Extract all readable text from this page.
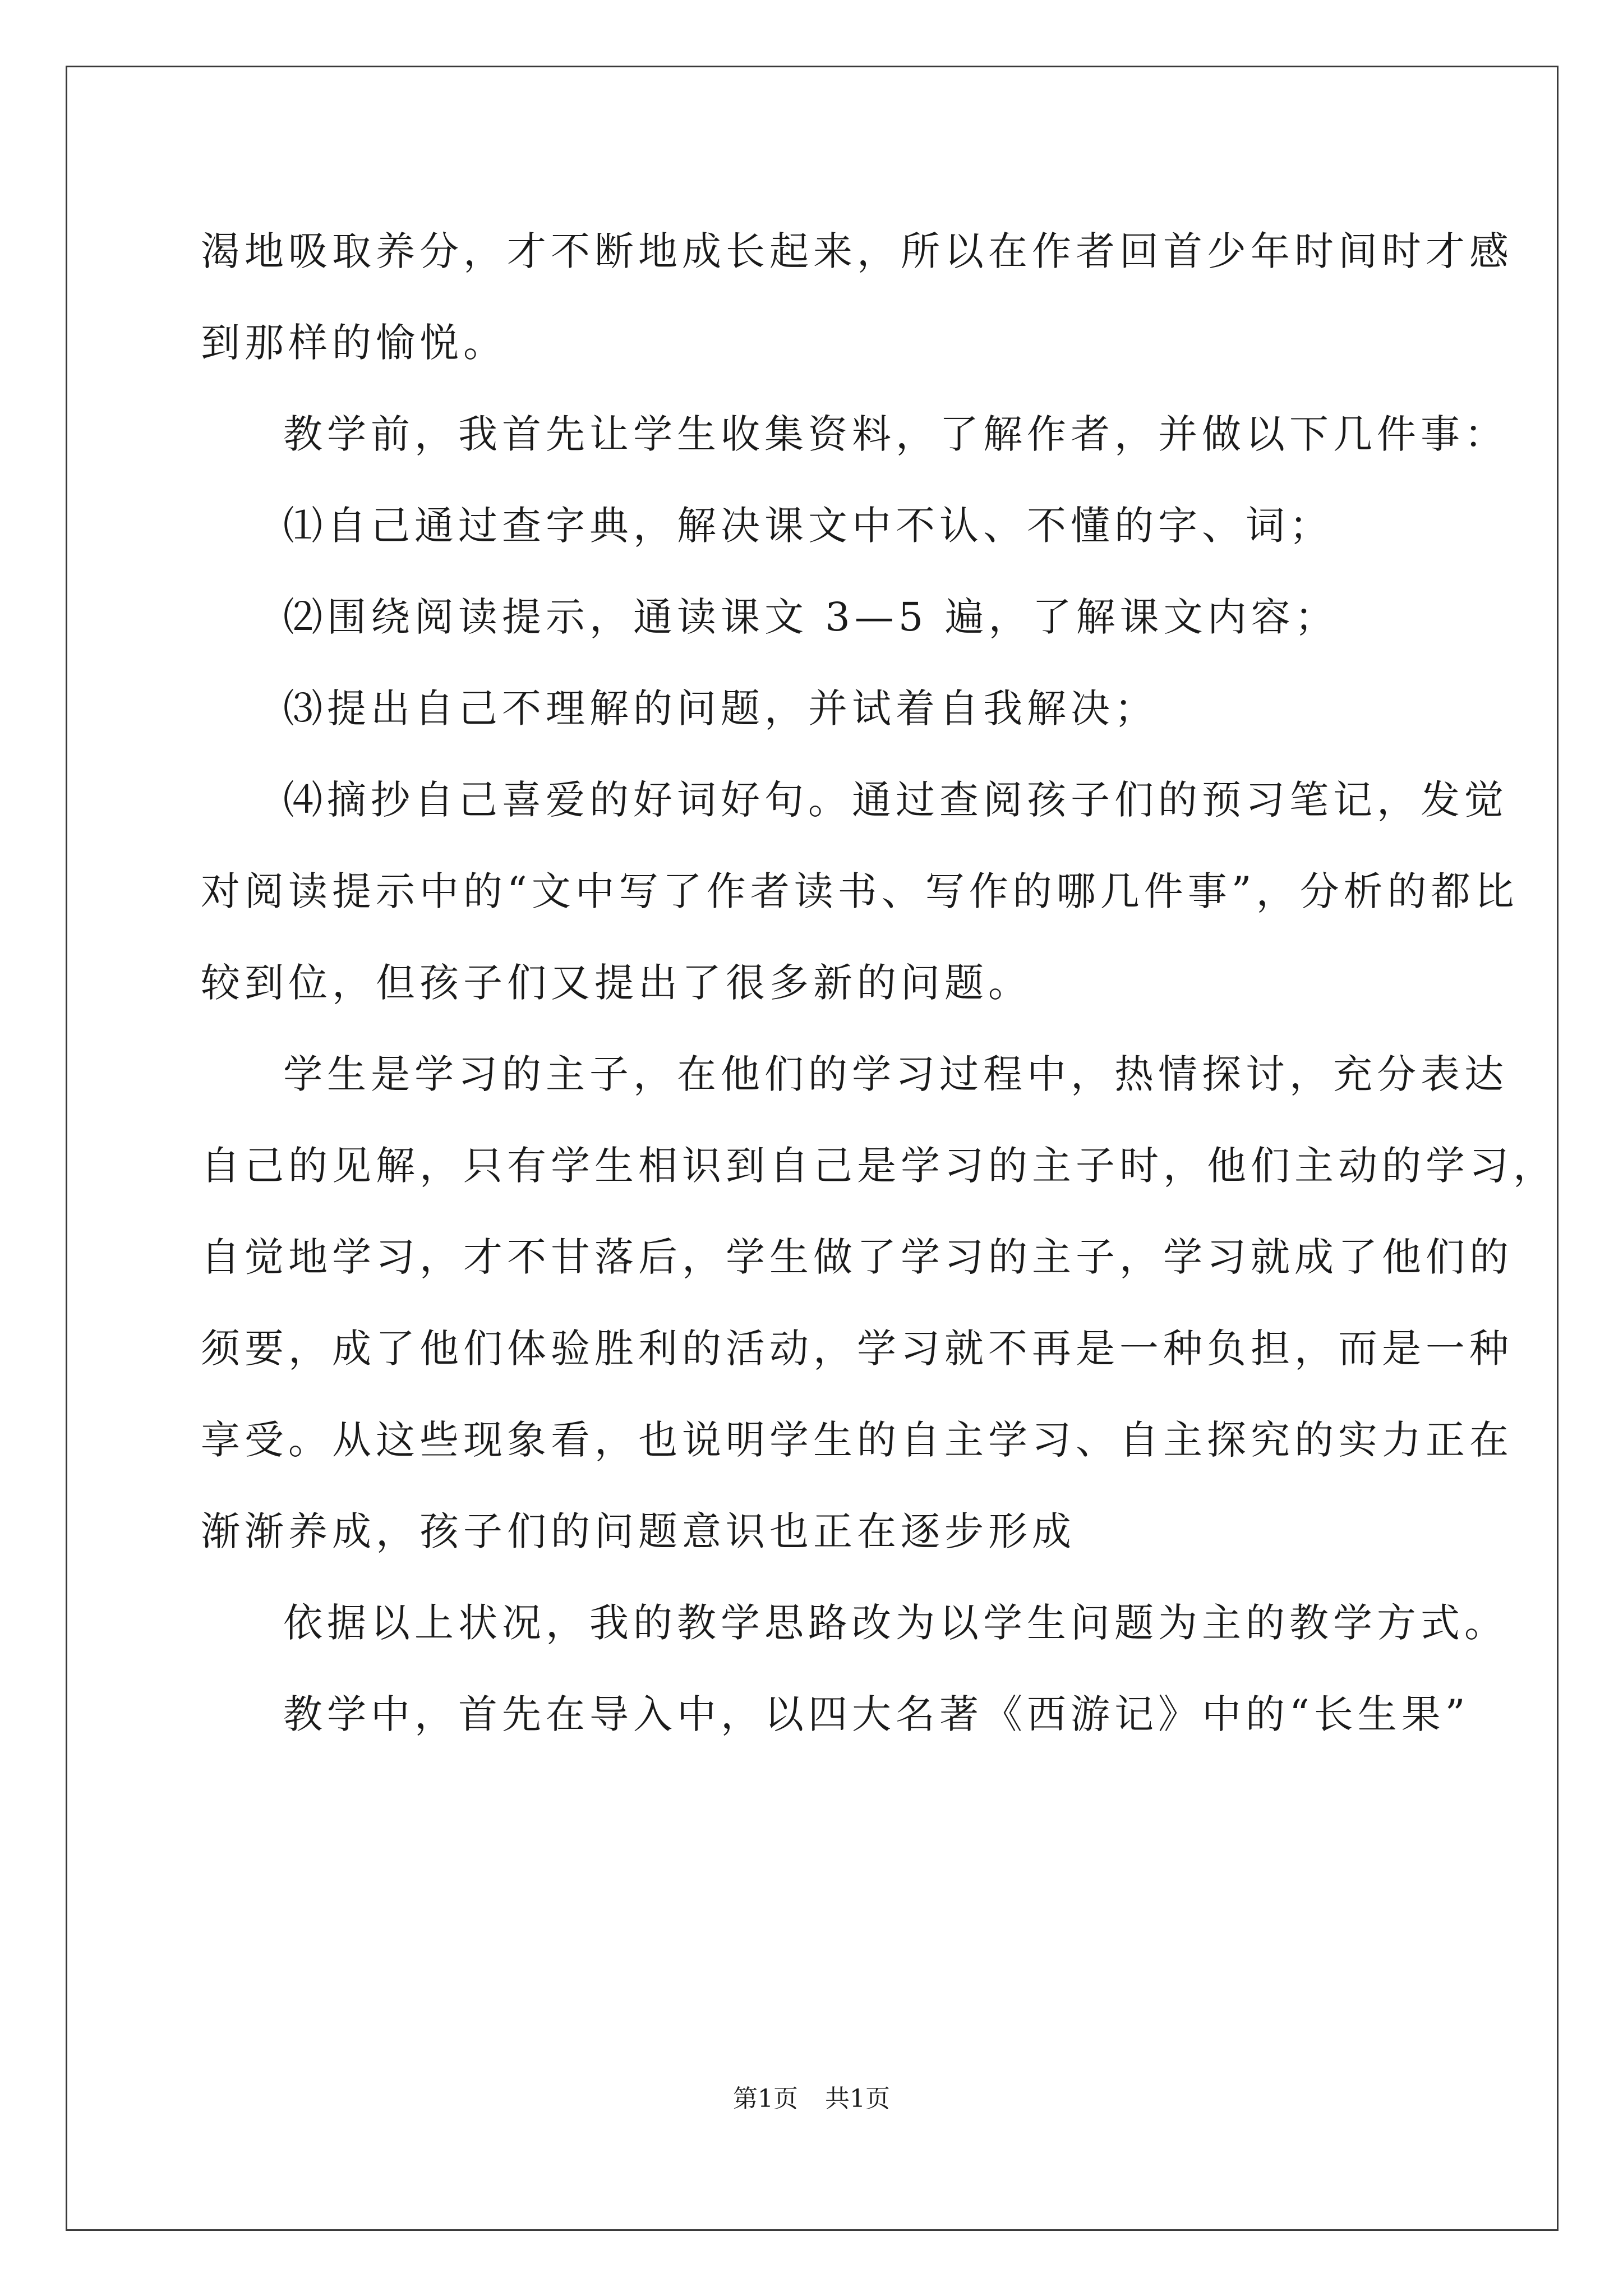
渴地吸取养分，才不断地成长起来，所以在作者回首少年时间时才感
到那样的愉悦。
教学前，我首先让学生收集资料，了解作者，并做以下几件事：
⑴自己通过查字典，解决课文中不认、不懂的字、词；
⑵围绕阅读提示，通读课文 3—5 遍，了解课文内容；
⑶提出自己不理解的问题，并试着自我解决；
⑷摘抄自己喜爱的好词好句。通过查阅孩子们的预习笔记，发觉
对阅读提示中的“文中写了作者读书、写作的哪几件事”，分析的都比
较到位，但孩子们又提出了很多新的问题。
学生是学习的主子，在他们的学习过程中，热情探讨，充分表达
自己的见解，只有学生相识到自己是学习的主子时，他们主动的学习，
自觉地学习，才不甘落后，学生做了学习的主子，学习就成了他们的
须要，成了他们体验胜利的活动，学习就不再是一种负担，而是一种
享受。从这些现象看，也说明学生的自主学习、自主探究的实力正在
渐渐养成，孩子们的问题意识也正在逐步形成
依据以上状况，我的教学思路改为以学生问题为主的教学方式。
教学中，首先在导入中，以四大名著《西游记》中的“长生果”
第1页 共1页
